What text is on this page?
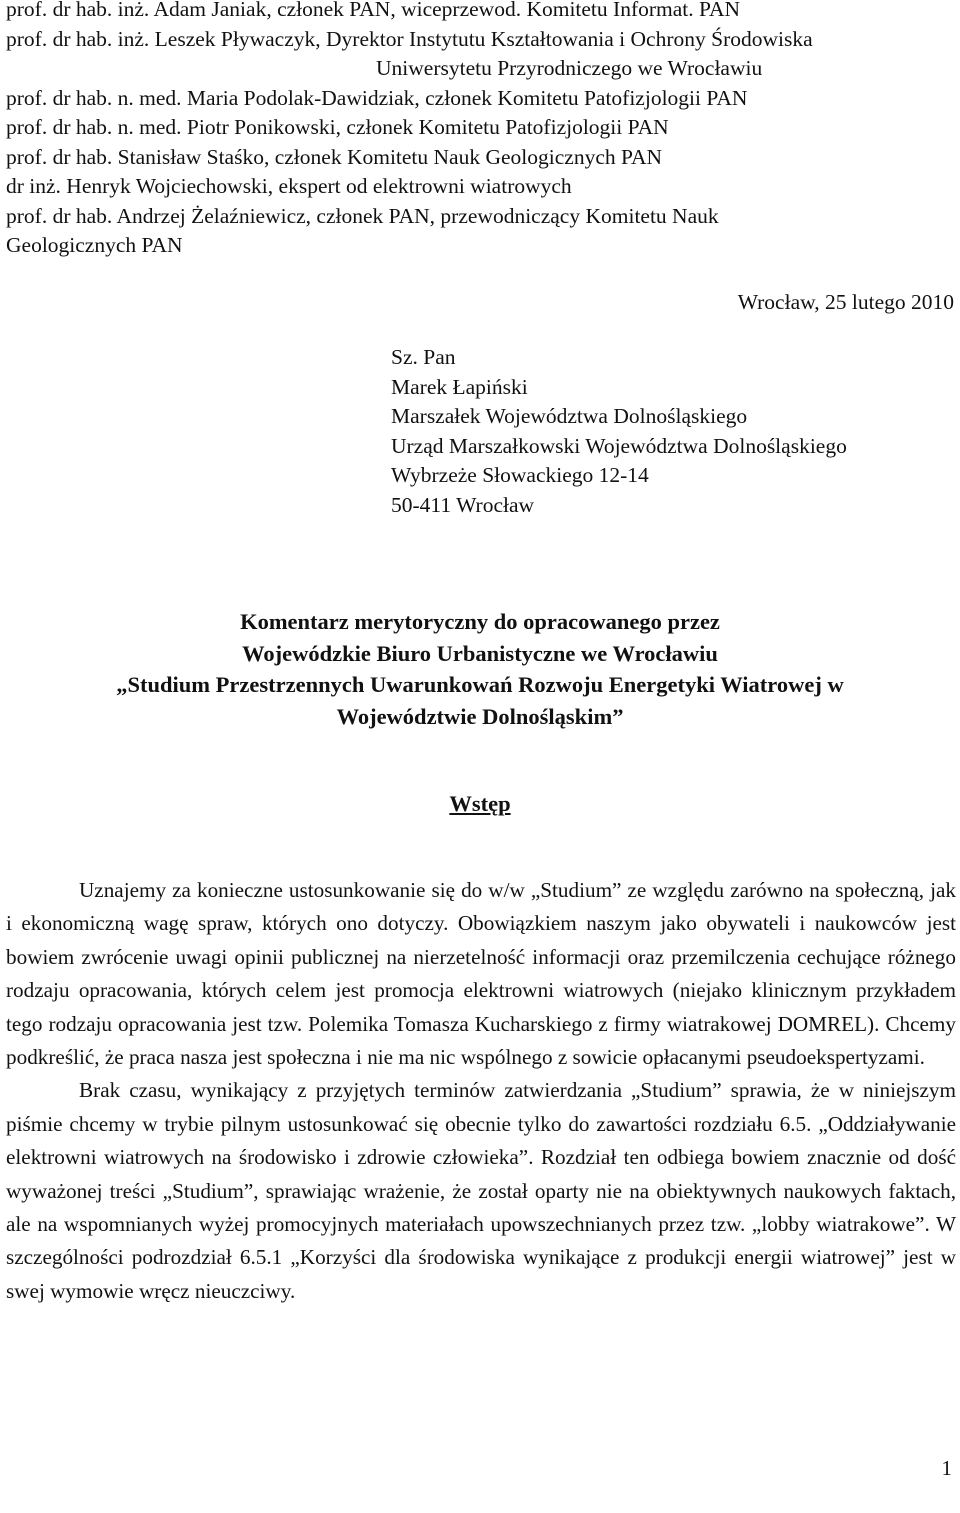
prof. dr hab. inż. Adam Janiak, członek PAN, wiceprzewod. Komitetu Informat. PAN
prof. dr hab. inż. Leszek Pływaczyk, Dyrektor Instytutu Kształtowania i Ochrony Środowiska
Uniwersytetu Przyrodniczego we Wrocławiu
prof. dr hab. n. med. Maria Podolak-Dawidziak, członek Komitetu Patofizjologii PAN
prof. dr hab. n. med. Piotr Ponikowski, członek Komitetu Patofizjologii PAN
prof. dr hab. Stanisław Staśko, członek Komitetu Nauk Geologicznych PAN
dr inż. Henryk Wojciechowski, ekspert od elektrowni wiatrowych
prof. dr hab. Andrzej Żelaźniewicz, członek PAN, przewodniczący Komitetu Nauk
Geologicznych PAN
Wrocław, 25 lutego 2010
Sz. Pan
Marek Łapiński
Marszałek Województwa Dolnośląskiego
Urząd Marszałkowski Województwa Dolnośląskiego
Wybrzeże Słowackiego 12-14
50-411 Wrocław
Komentarz merytoryczny do opracowanego przez
Wojewódzkie Biuro Urbanistyczne we Wrocławiu
„Studium Przestrzennych Uwarunkowań Rozwoju Energetyki Wiatrowej w
Województwie Dolnośląskim”
Wstęp

Uznajemy za konieczne ustosunkowanie się do w/w „Studium” ze względu zarówno na społeczną, jak i ekonomiczną wagę spraw, których ono dotyczy. Obowiązkiem naszym jako obywateli i naukowców jest bowiem zwrócenie uwagi opinii publicznej na nierzetelność informacji oraz przemilczenia cechujące różnego rodzaju opracowania, których celem jest promocja elektrowni wiatrowych (niejako klinicznym przykładem tego rodzaju opracowania jest tzw. Polemika Tomasza Kucharskiego z firmy wiatrakowej DOMREL). Chcemy podkreślić, że praca nasza jest społeczna i nie ma nic wspólnego z sowicie opłacanymi pseudoekspertyzami.

Brak czasu, wynikający z przyjętych terminów zatwierdzania „Studium” sprawia, że w niniejszym piśmie chcemy w trybie pilnym ustosunkować się obecnie tylko do zawartości rozdziału 6.5. „Oddziaływanie elektrowni wiatrowych na środowisko i zdrowie człowieka”. Rozdział ten odbiega bowiem znacznie od dość wyważonej treści „Studium”, sprawiając wrażenie, że został oparty nie na obiektywnych naukowych faktach, ale na wspomnianych wyżej promocyjnych materiałach upowszechnianych przez tzw. „lobby wiatrakowe”. W szczególności podrozdział 6.5.1 „Korzyści dla środowiska wynikające z produkcji energii wiatrowej” jest w swej wymowie wręcz nieuczciwy.

1
